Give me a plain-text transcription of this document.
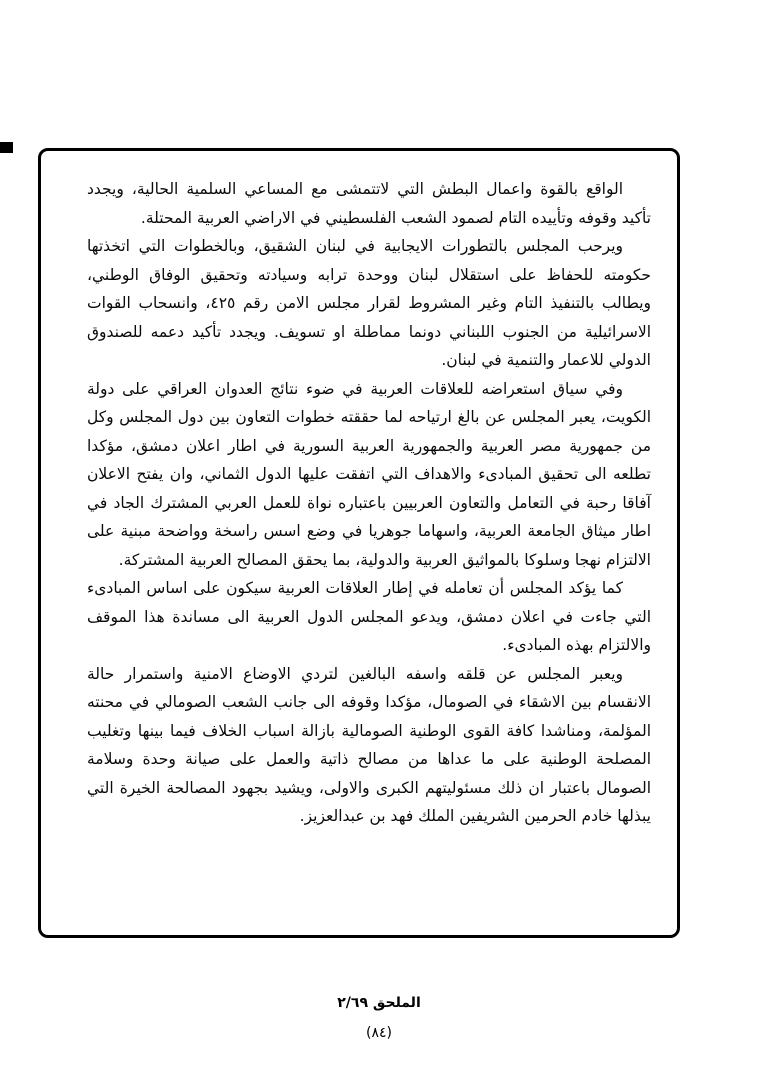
الواقع بالقوة واعمال البطش التي لاتتمشى مع المساعي السلمية الحالية، ويجدد تأكيد وقوفه وتأييده التام لصمود الشعب الفلسطيني في الاراضي العربية المحتلة.

ويرحب المجلس بالتطورات الايجابية في لبنان الشقيق، وبالخطوات التي اتخذتها حكومته للحفاظ على استقلال لبنان ووحدة ترابه وسيادته وتحقيق الوفاق الوطني، ويطالب بالتنفيذ التام وغير المشروط لقرار مجلس الامن رقم ٤٢٥، وانسحاب القوات الاسرائيلية من الجنوب اللبناني دونما مماطلة او تسويف. ويجدد تأكيد دعمه للصندوق الدولي للاعمار والتنمية في لبنان.

وفي سياق استعراضه للعلاقات العربية في ضوء نتائج العدوان العراقي على دولة الكويت، يعبر المجلس عن بالغ ارتياحه لما حققته خطوات التعاون بين دول المجلس وكل من جمهورية مصر العربية والجمهورية العربية السورية في اطار اعلان دمشق، مؤكدا تطلعه الى تحقيق المبادىء والاهداف التي اتفقت عليها الدول الثماني، وان يفتح الاعلان آفاقا رحبة في التعامل والتعاون العربيين باعتباره نواة للعمل العربي المشترك الجاد في اطار ميثاق الجامعة العربية، واسهاما جوهريا في وضع اسس راسخة وواضحة مبنية على الالتزام نهجا وسلوكا بالمواثيق العربية والدولية، بما يحقق المصالح العربية المشتركة.

كما يؤكد المجلس أن تعامله في إطار العلاقات العربية سيكون على اساس المبادىء التي جاءت في اعلان دمشق، ويدعو المجلس الدول العربية الى مساندة هذا الموقف والالتزام بهذه المبادىء.

ويعبر المجلس عن قلقه واسفه البالغين لتردي الاوضاع الامنية واستمرار حالة الانقسام بين الاشقاء في الصومال، مؤكدا وقوفه الى جانب الشعب الصومالي في محنته المؤلمة، ومناشدا كافة القوى الوطنية الصومالية بازالة اسباب الخلاف فيما بينها وتغليب المصلحة الوطنية على ما عداها من مصالح ذاتية والعمل على صيانة وحدة وسلامة الصومال باعتبار ان ذلك مسئوليتهم الكبرى والاولى، ويشيد بجهود المصالحة الخيرة التي يبذلها خادم الحرمين الشريفين الملك فهد بن عبدالعزيز.

الملحق ٢/٦٩
(٨٤)
